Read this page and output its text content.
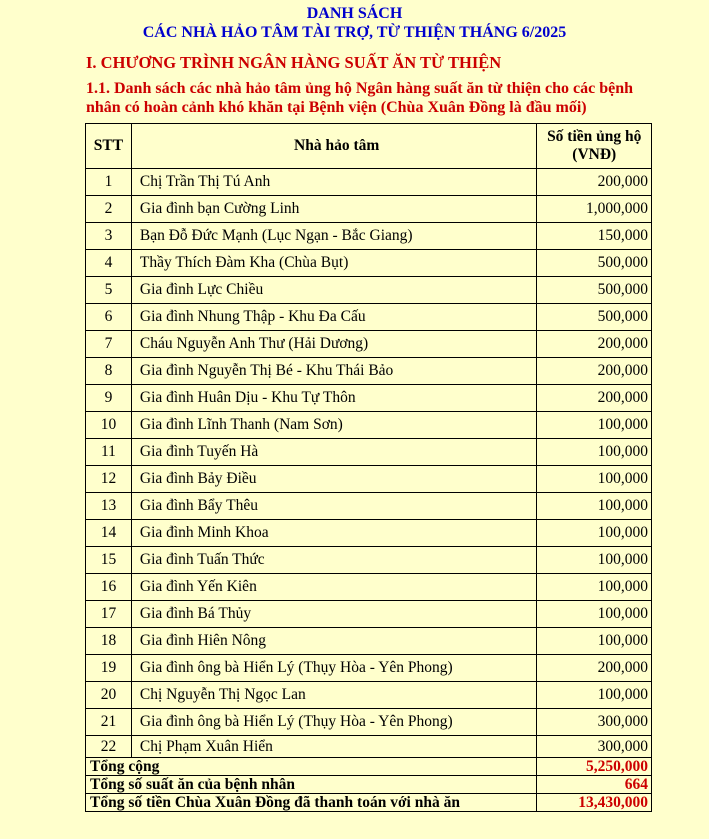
DANH SÁCH
CÁC NHÀ HẢO TÂM TÀI TRỢ, TỪ THIỆN THÁNG 6/2025
I. CHƯƠNG TRÌNH NGÂN HÀNG SUẤT ĂN TỪ THIỆN
1.1. Danh sách các nhà hảo tâm ủng hộ Ngân hàng suất ăn từ thiện cho các bệnh nhân có hoàn cảnh khó khăn tại Bệnh viện (Chùa Xuân Đồng là đầu mối)
STT	Nhà hảo tâm	Số tiền ủng hộ
(VNĐ)

1	Chị Trần Thị Tú Anh	200,000
2	Gia đình bạn Cường Linh	1,000,000
3	Bạn Đỗ Đức Mạnh (Lục Ngạn - Bắc Giang)	150,000
4	Thầy Thích Đàm Kha (Chùa Bụt)	500,000
5	Gia đình Lực Chiều	500,000
6	Gia đình Nhung Thập - Khu Đa Cấu	500,000
7	Cháu Nguyễn Anh Thư (Hải Dương)	200,000
8	Gia đình Nguyễn Thị Bé - Khu Thái Bảo	200,000
9	Gia đình Huân Dịu - Khu Tự Thôn	200,000
10	Gia đình Lĩnh Thanh (Nam Sơn)	100,000
11	Gia đình Tuyến Hà	100,000
12	Gia đình Bảy Điều	100,000
13	Gia đình Bẩy Thêu	100,000
14	Gia đình Minh Khoa	100,000
15	Gia đình Tuấn Thức	100,000
16	Gia đình Yến Kiên	100,000
17	Gia đình Bá Thủy	100,000
18	Gia đình Hiên Nông	100,000
19	Gia đình ông bà Hiển Lý (Thụy Hòa - Yên Phong)	200,000
20	Chị Nguyễn Thị Ngọc Lan	100,000
21	Gia đình ông bà Hiển Lý (Thụy Hòa - Yên Phong)	300,000
22	Chị Phạm Xuân Hiển	300,000
Tổng cộng		5,250,000
Tổng số suất ăn của bệnh nhân		664
Tổng số tiền Chùa Xuân Đồng đã thanh toán với nhà ăn		13,430,000
